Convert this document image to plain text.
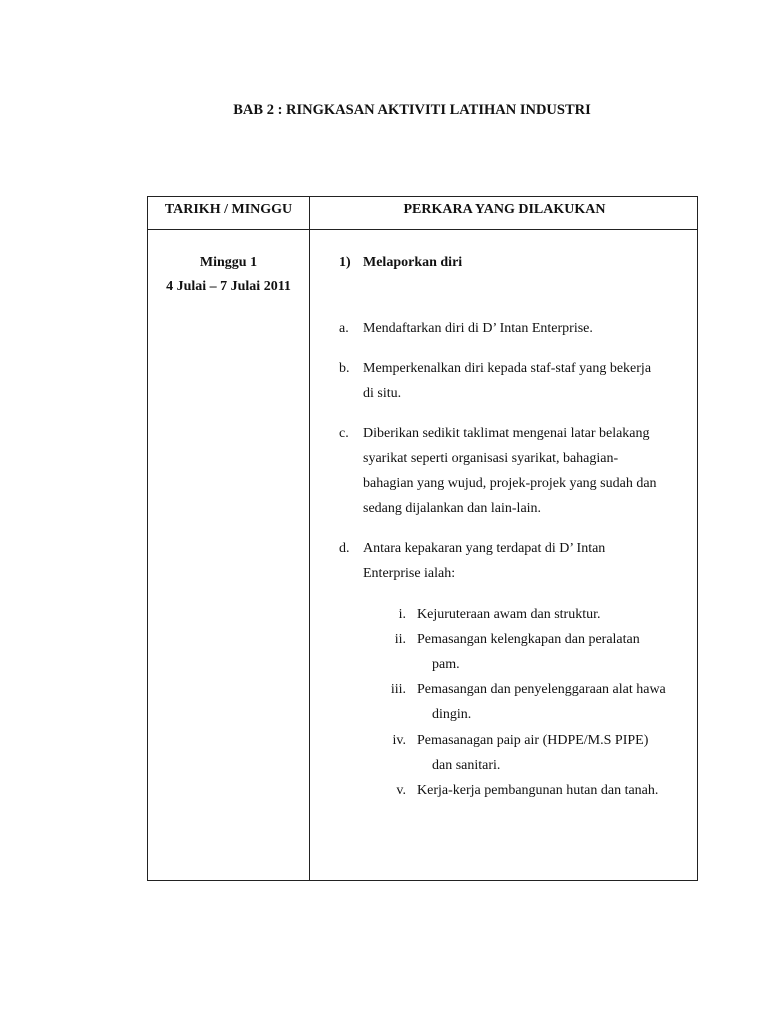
BAB 2 : RINGKASAN AKTIVITI LATIHAN INDUSTRI
TARIKH / MINGGU	PERKARA YANG DILAKUKAN
Minggu 1
4 Julai – 7 Julai 2011
1) Melaporkan diri
a. Mendaftarkan diri di D’ Intan Enterprise.
b. Memperkenalkan diri kepada staf-staf yang bekerja
di situ.
c. Diberikan sedikit taklimat mengenai latar belakang
syarikat seperti organisasi syarikat, bahagian-
bahagian yang wujud, projek-projek yang sudah dan
sedang dijalankan dan lain-lain.
d. Antara kepakaran yang terdapat di D’ Intan
Enterprise ialah:
i. Kejuruteraan awam dan struktur.
ii. Pemasangan kelengkapan dan peralatan
pam.
iii. Pemasangan dan penyelenggaraan alat hawa
dingin.
iv. Pemasanagan paip air (HDPE/M.S PIPE)
dan sanitari.
v. Kerja-kerja pembangunan hutan dan tanah.
